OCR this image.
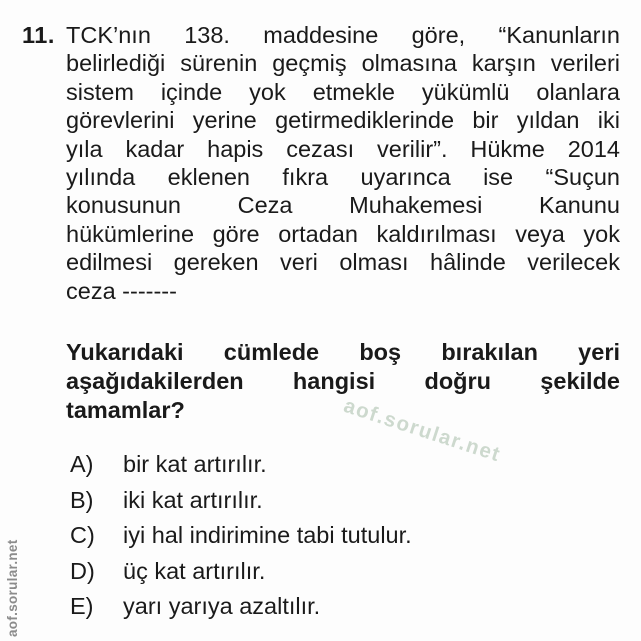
11. TCK’nın 138. maddesine göre, “Kanunların
belirlediği sürenin geçmiş olmasına karşın verileri
sistem içinde yok etmekle yükümlü olanlara
görevlerini yerine getirmediklerinde bir yıldan iki
yıla kadar hapis cezası verilir”. Hükme 2014
yılında eklenen fıkra uyarınca ise “Suçun
konusunun Ceza Muhakemesi Kanunu
hükümlerine göre ortadan kaldırılması veya yok
edilmesi gereken veri olması hâlinde verilecek
ceza -------
Yukarıdaki cümlede boş bırakılan yeri
aşağıdakilerden hangisi doğru şekilde
tamamlar?
A)	bir kat artırılır.
B)	iki kat artırılır.
C)	iyi hal indirimine tabi tutulur.
D)	üç kat artırılır.
E)	yarı yarıya azaltılır.
aof.sorular.net
aof.sorular.net
